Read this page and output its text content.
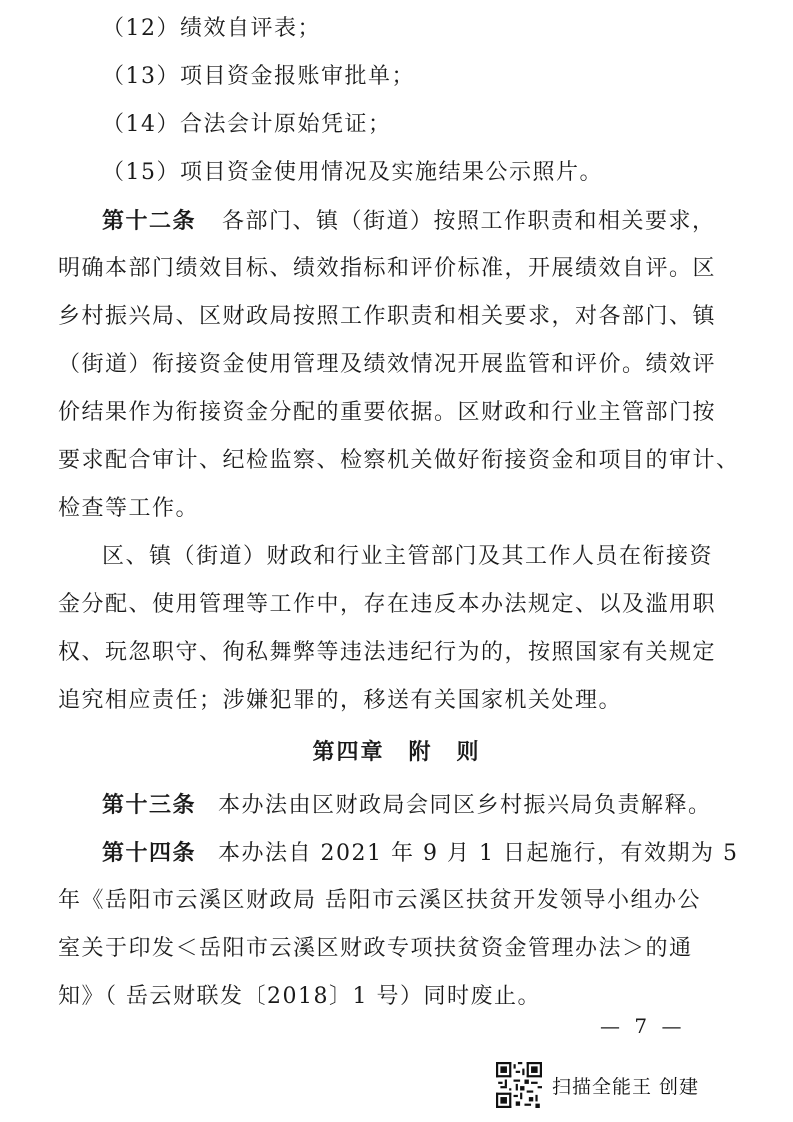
（12）绩效自评表；
（13）项目资金报账审批单；
（14）合法会计原始凭证；
（15）项目资金使用情况及实施结果公示照片。
第十二条 各部门、镇（街道）按照工作职责和相关要求，
明确本部门绩效目标、绩效指标和评价标准，开展绩效自评。区
乡村振兴局、区财政局按照工作职责和相关要求，对各部门、镇
（街道）衔接资金使用管理及绩效情况开展监管和评价。绩效评
价结果作为衔接资金分配的重要依据。区财政和行业主管部门按
要求配合审计、纪检监察、检察机关做好衔接资金和项目的审计、
检查等工作。
区、镇（街道）财政和行业主管部门及其工作人员在衔接资
金分配、使用管理等工作中，存在违反本办法规定、以及滥用职
权、玩忽职守、徇私舞弊等违法违纪行为的，按照国家有关规定
追究相应责任；涉嫌犯罪的，移送有关国家机关处理。
第四章　附　则
第十三条 本办法由区财政局会同区乡村振兴局负责解释。
第十四条 本办法自 2021 年 9 月 1 日起施行，有效期为 5
年《岳阳市云溪区财政局 岳阳市云溪区扶贫开发领导小组办公
室关于印发＜岳阳市云溪区财政专项扶贫资金管理办法＞的通
知》（ 岳云财联发〔2018〕1 号）同时废止。
— 7 —
扫描全能王 创建
